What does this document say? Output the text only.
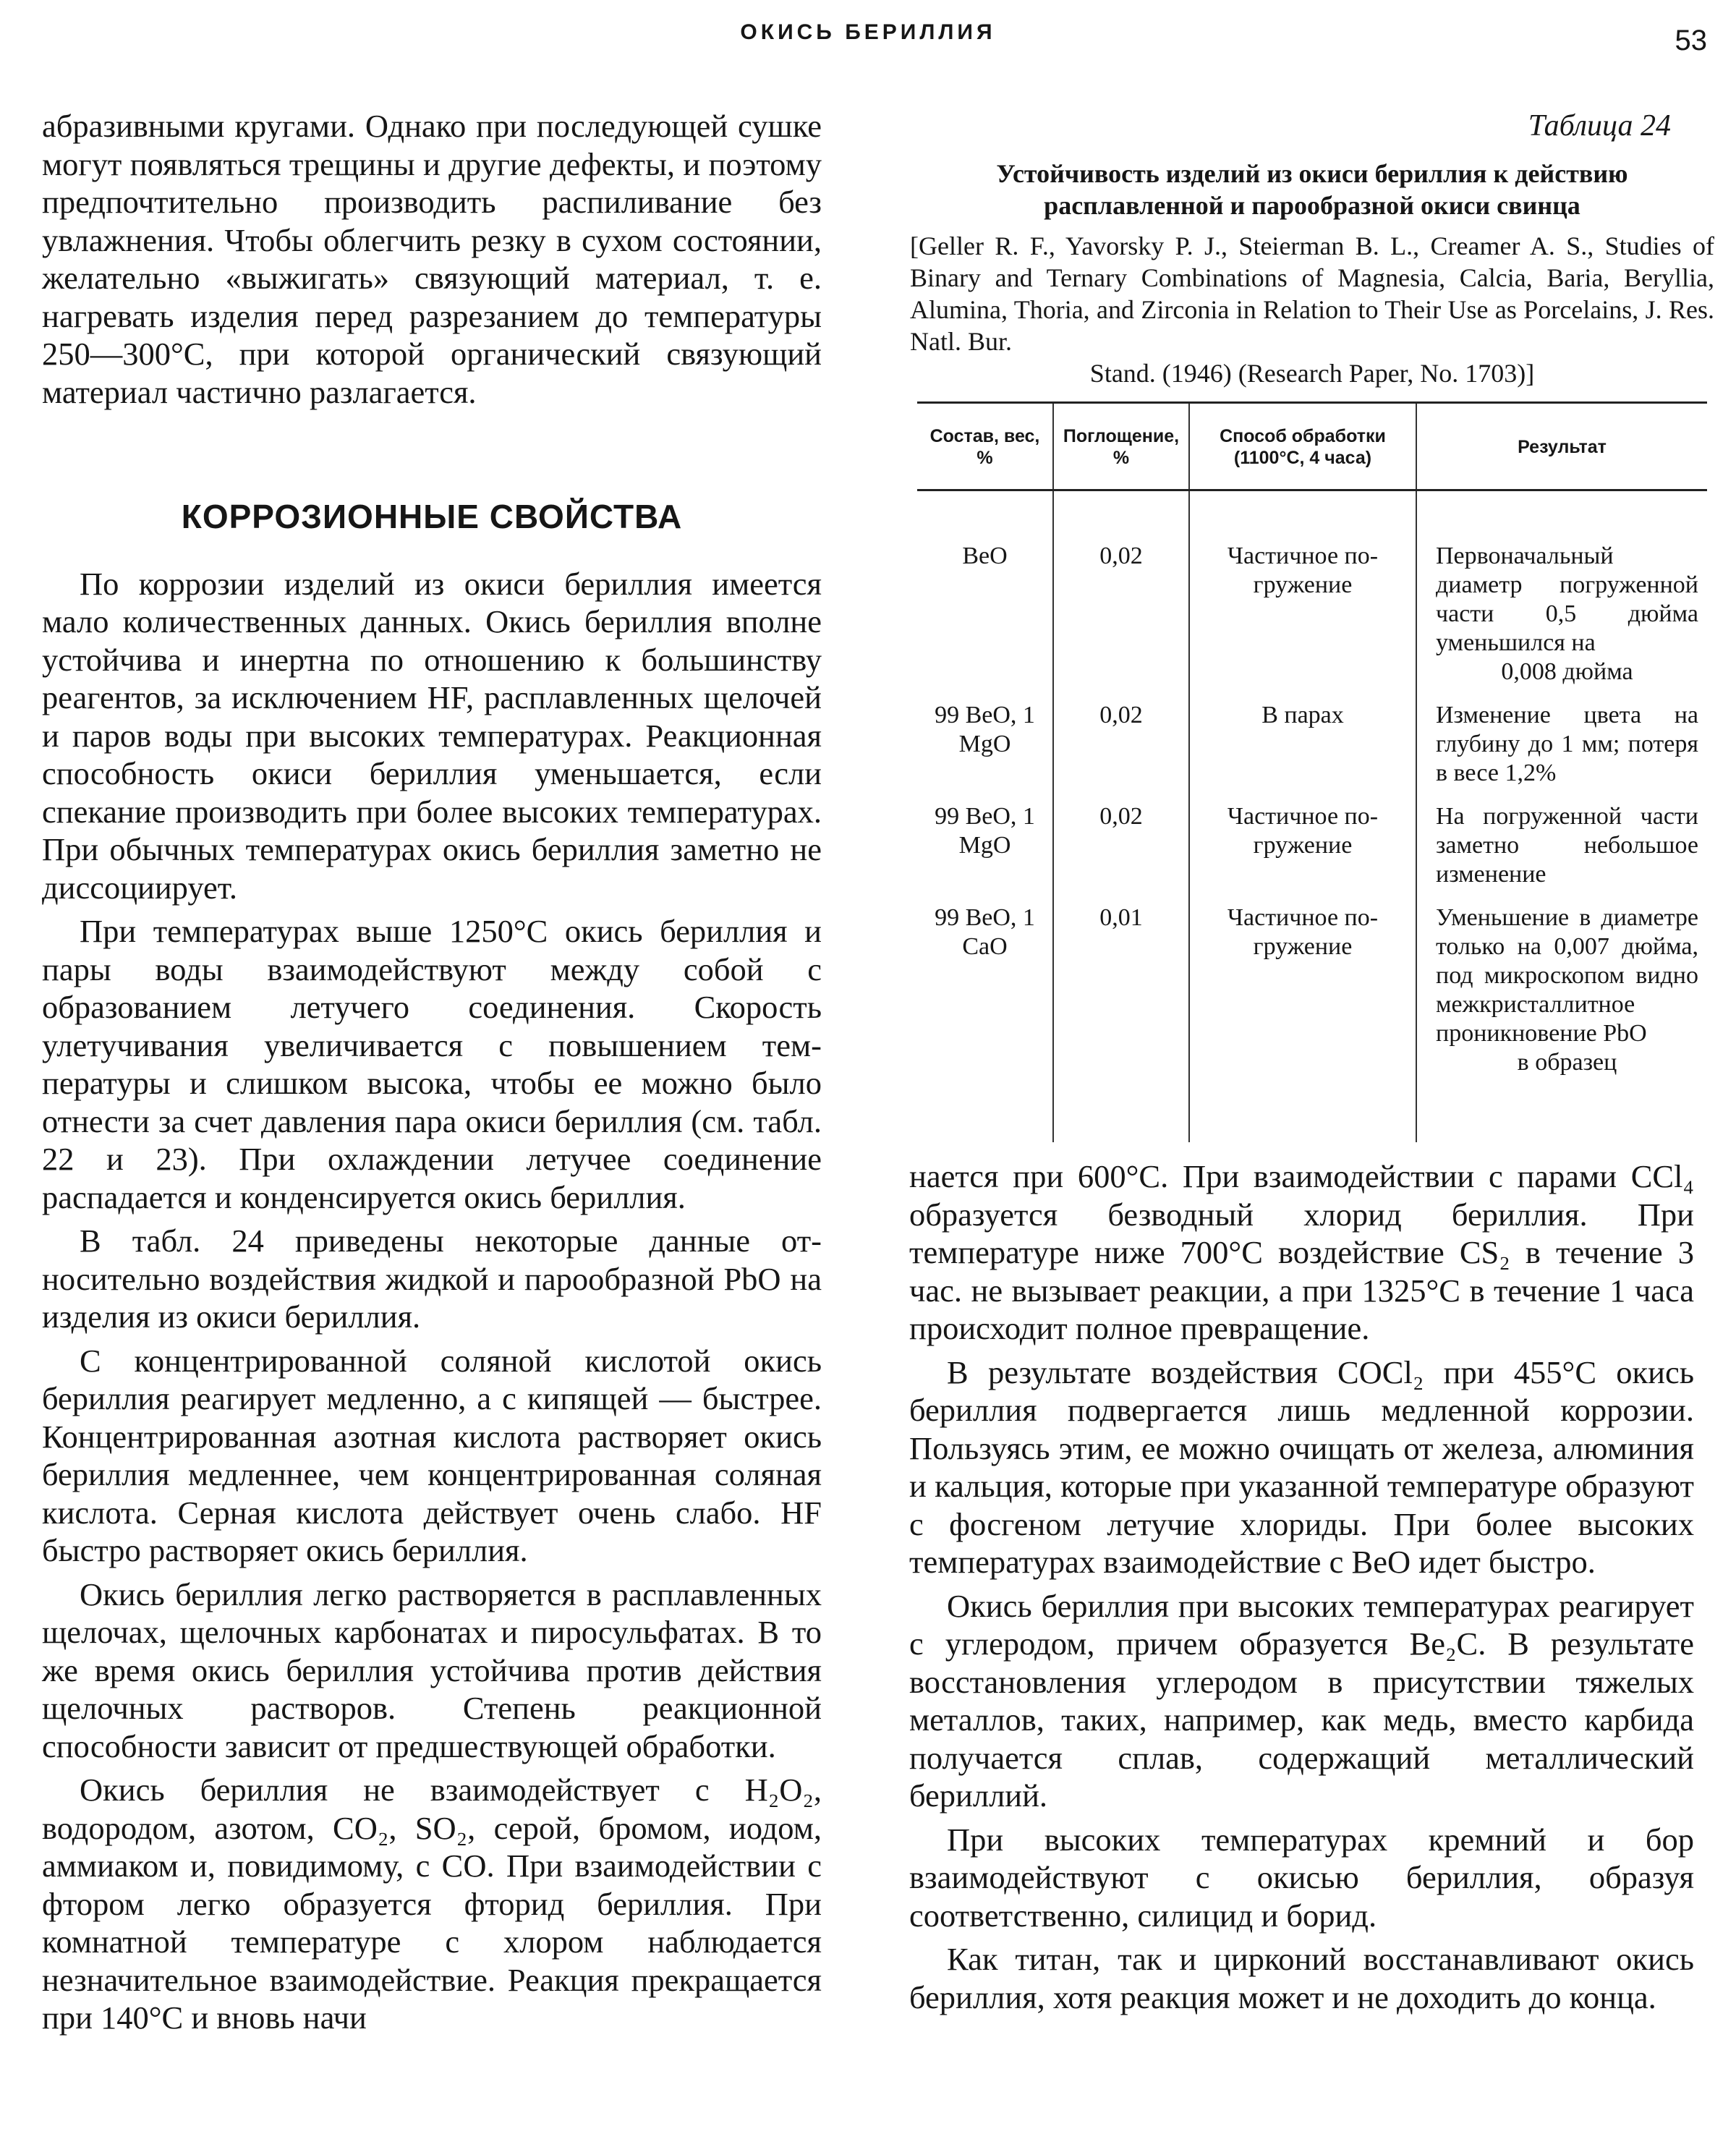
ОКИСЬ БЕРИЛЛИЯ	53

абразивными кругами. Однако при последующей сушке могут появляться трещины и другие дефекты, и поэтому предпочтительно производить распиливание без увлажнения. Чтобы облегчить резку в сухом состоянии, желательно «выжигать» связующий материал, т. е. нагревать изделия перед разрезанием до температуры 250—300°С, при которой органический связующий материал частично разлагается.

КОРРОЗИОННЫЕ СВОЙСТВА

По коррозии изделий из окиси бериллия имеется мало количественных данных. Окись бериллия вполне устойчива и инертна по отношению к большинству реагентов, за исключением HF, расплавленных щелочей и паров воды при высоких температурах. Реакционная способность окиси бериллия уменьшается, если спекание производить при более высоких температурах. При обычных температурах окись бериллия заметно не диссоциирует.

При температурах выше 1250°С окись бериллия и пары воды взаимодействуют между собой с образованием летучего соединения. Скорость улетучивания увеличивается с повышением температуры и слишком высока, чтобы ее можно было отнести за счет давления пара окиси бериллия (см. табл. 22 и 23). При охлаждении летучее соединение распадается и конденсируется окись бериллия.

В табл. 24 приведены некоторые данные относительно воздействия жидкой и парообразной PbO на изделия из окиси бериллия.

С концентрированной соляной кислотой окись бериллия реагирует медленно, а с кипящей — быстрее. Концентрированная азотная кислота растворяет окись бериллия медленнее, чем концентрированная соляная кислота. Серная кислота действует очень слабо. HF быстро растворяет окись бериллия.

Окись бериллия легко растворяется в расплавленных щелочах, щелочных карбонатах и пиросульфатах. В то же время окись бериллия устойчива против действия щелочных растворов. Степень реакционной способности зависит от предшествующей обработки.

Окись бериллия не взаимодействует с H₂O₂, водородом, азотом, CO₂, SO₂, серой, бромом, иодом, аммиаком и, повидимому, с CO. При взаимодействии с фтором легко образуется фторид бериллия. При комнатной температуре с хлором наблюдается незначительное взаимодействие. Реакция прекращается при 140°С и вновь начи

Таблица 24
Устойчивость изделий из окиси бериллия к действию расплавленной и парообразной окиси свинца
[Geller R. F., Yavorsky P. J., Steierman B. L., Creamer A. S., Studies of Binary and Ternary Combinations of Magnesia, Calcia, Baria, Beryllia, Alumina, Thoria, and Zirconia in Relation to Their Use as Porcelains, J. Res. Natl. Bur.
Stand. (1946) (Research Paper, No. 1703)]
Состав, вес, %	Поглощение, %	Способ обработки (1100°С, 4 часа)	Результат
BeO	0,02	Частичное погружение	Первоначальный диаметр погруженной части 0,5 дюйма уменьшился на
0,008 дюйма

99 BeO, 1 MgO	0,02	В парах	Изменение цвета на глубину до 1 мм; потеря в весе 1,2%
99 BeO, 1 MgO	0,02	Частичное погружение	На погруженной части заметно небольшое изменение
99 BeO, 1 CaO	0,01	Частичное погружение	Уменьшение в диаметре только на 0,007 дюйма, под микроскопом видно межкристаллитное проникновение PbO
в образец

нается при 600°С. При взаимодействии с парами CCl₄ образуется безводный хлорид бериллия. При температуре ниже 700°С воздействие CS₂ в течение 3 час. не вызывает реакции, а при 1325°С в течение 1 часа происходит полное превращение.

В результате воздействия COCl₂ при 455°С окись бериллия подвергается лишь медленной коррозии. Пользуясь этим, ее можно очищать от железа, алюминия и кальция, которые при указанной температуре образуют с фосгеном летучие хлориды. При более высоких температурах взаимодействие с BeO идет быстро.

Окись бериллия при высоких температурах реагирует с углеродом, причем образуется Be₂C. В результате восстановления углеродом в присутствии тяжелых металлов, таких, например, как медь, вместо карбида получается сплав, содержащий металлический бериллий.

При высоких температурах кремний и бор взаимодействуют с окисью бериллия, образуя соответственно, силицид и борид.

Как титан, так и цирконий восстанавливают окись бериллия, хотя реакция может и не доходить до конца.
